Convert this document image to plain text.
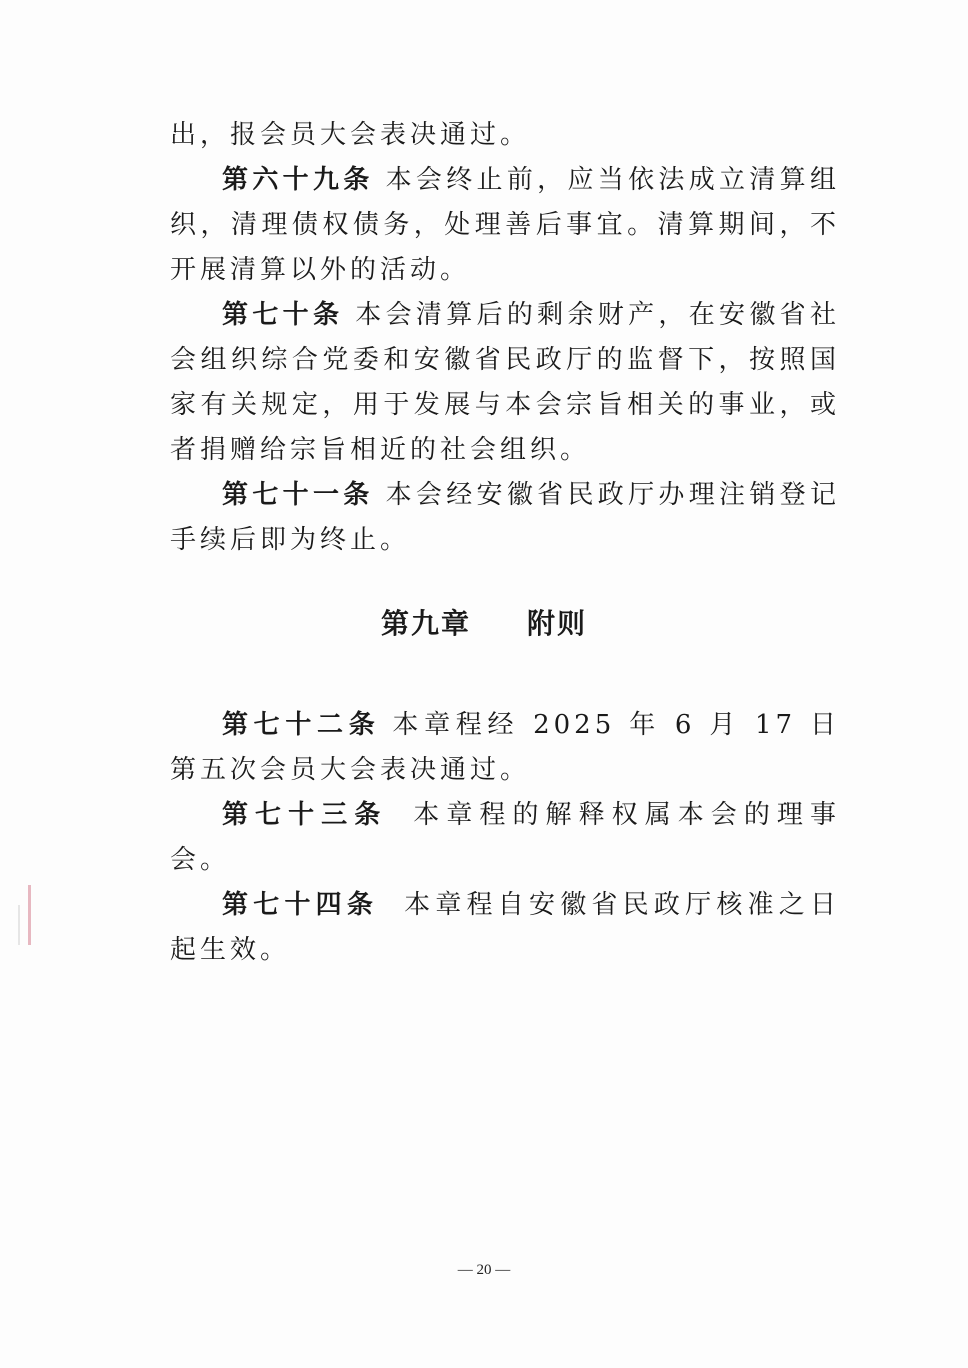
出，报会员大会表决通过。

第六十九条 本会终止前，应当依法成立清算组织，清理债权债务，处理善后事宜。清算期间，不开展清算以外的活动。

第七十条 本会清算后的剩余财产，在安徽省社会组织综合党委和安徽省民政厅的监督下，按照国家有关规定，用于发展与本会宗旨相关的事业，或者捐赠给宗旨相近的社会组织。

第七十一条 本会经安徽省民政厅办理注销登记手续后即为终止。

第九章 附则

第七十二条 本章程经 2025 年 6 月 17 日第五次会员大会表决通过。

第七十三条 本章程的解释权属本会的理事会。

第七十四条 本章程自安徽省民政厅核准之日起生效。

— 20 —
